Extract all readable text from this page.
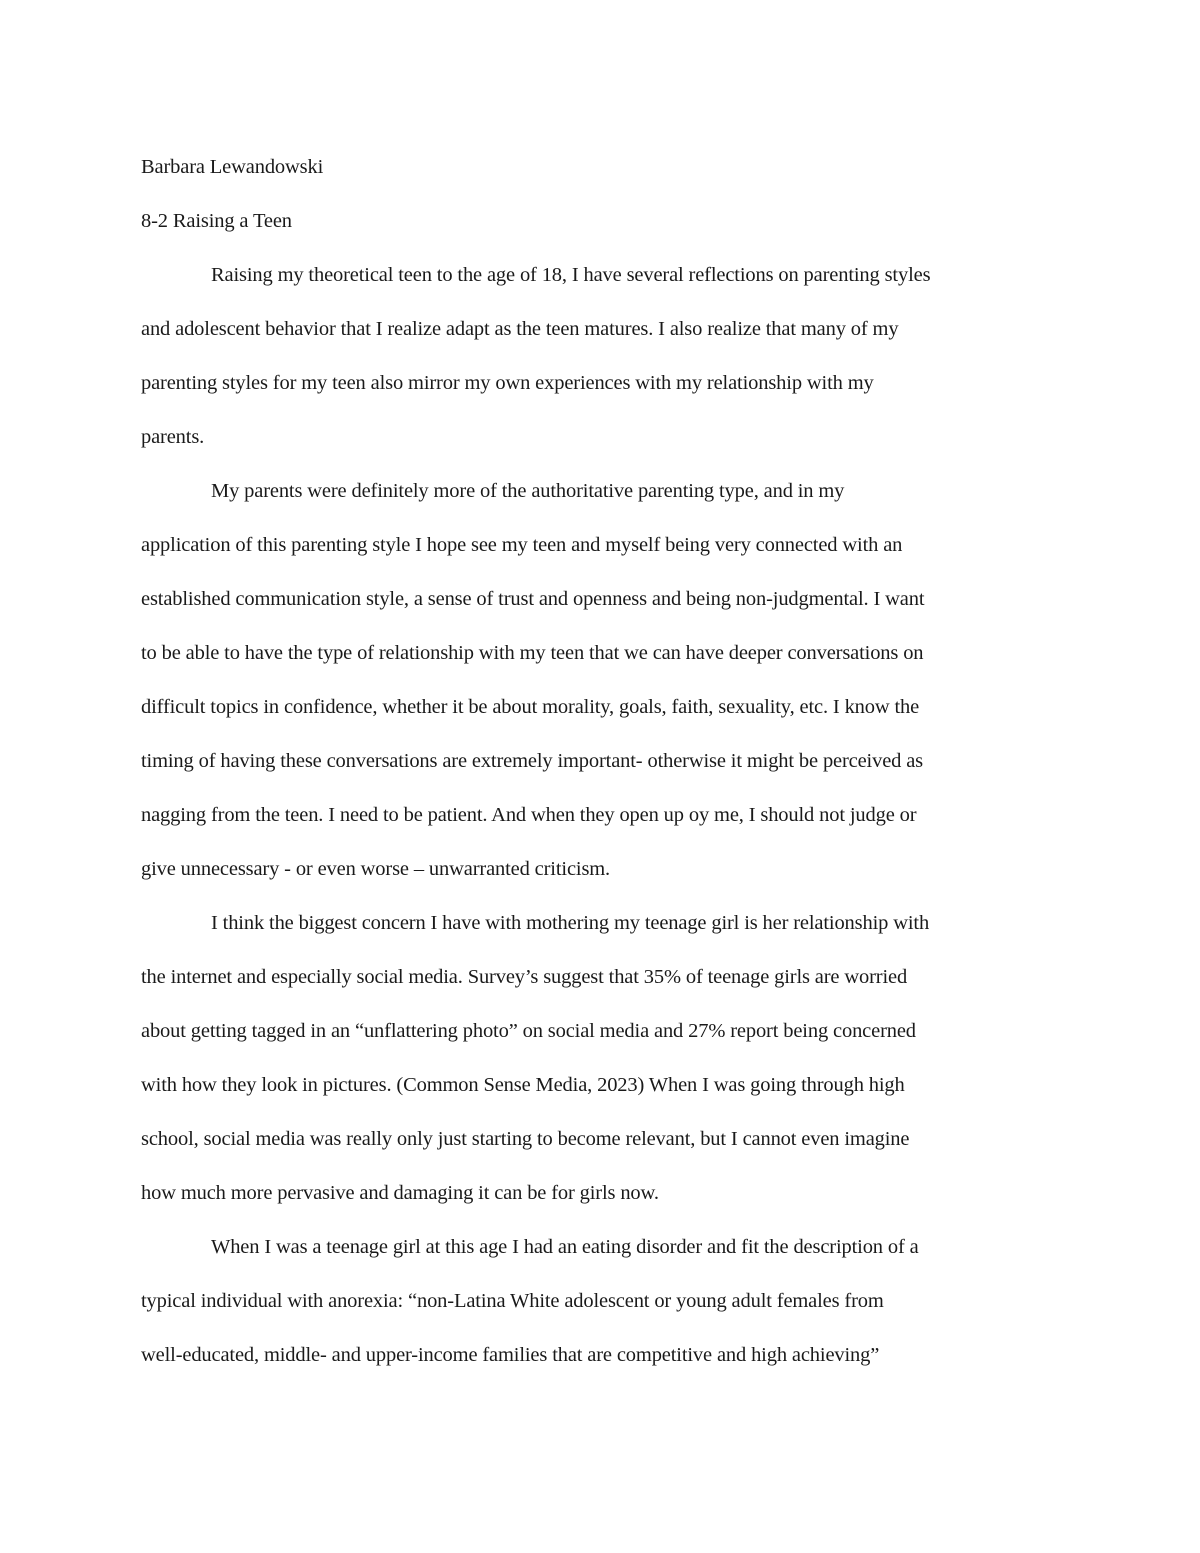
Barbara Lewandowski
8-2 Raising a Teen
Raising my theoretical teen to the age of 18, I have several reflections on parenting styles
and adolescent behavior that I realize adapt as the teen matures. I also realize that many of my
parenting styles for my teen also mirror my own experiences with my relationship with my
parents.
My parents were definitely more of the authoritative parenting type, and in my
application of this parenting style I hope see my teen and myself being very connected with an
established communication style, a sense of trust and openness and being non-judgmental. I want
to be able to have the type of relationship with my teen that we can have deeper conversations on
difficult topics in confidence, whether it be about morality, goals, faith, sexuality, etc. I know the
timing of having these conversations are extremely important- otherwise it might be perceived as
nagging from the teen. I need to be patient. And when they open up oy me, I should not judge or
give unnecessary - or even worse – unwarranted criticism.
I think the biggest concern I have with mothering my teenage girl is her relationship with
the internet and especially social media. Survey’s suggest that 35% of teenage girls are worried
about getting tagged in an “unflattering photo” on social media and 27% report being concerned
with how they look in pictures. (Common Sense Media, 2023) When I was going through high
school, social media was really only just starting to become relevant, but I cannot even imagine
how much more pervasive and damaging it can be for girls now.
When I was a teenage girl at this age I had an eating disorder and fit the description of a
typical individual with anorexia: “non-Latina White adolescent or young adult females from
well-educated, middle- and upper-income families that are competitive and high achieving”
